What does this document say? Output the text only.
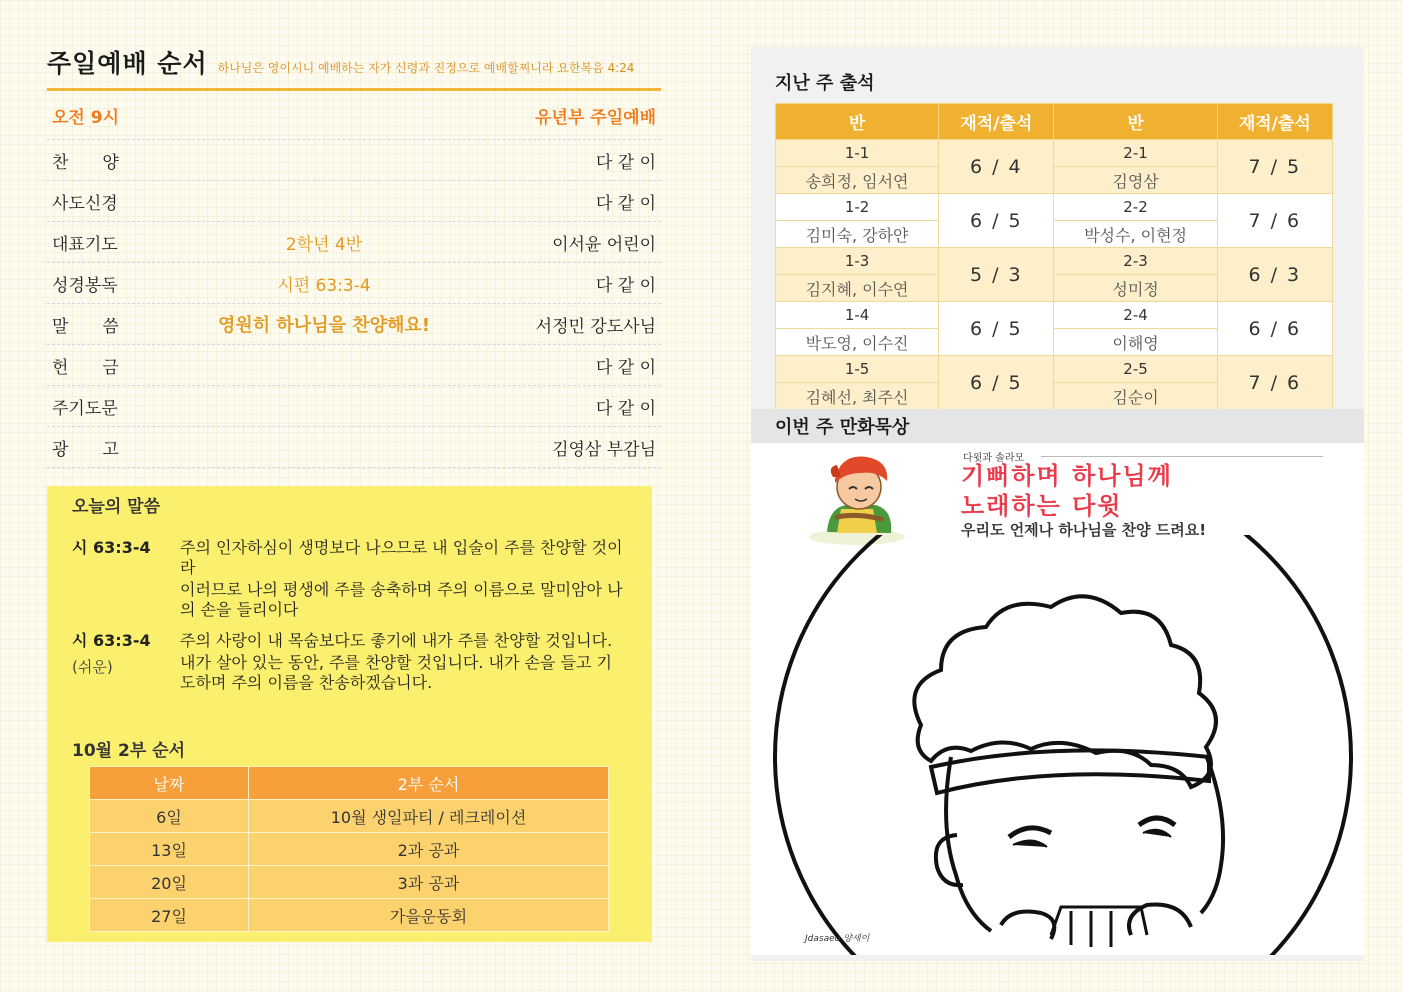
주일예배 순서 하나님은 영이시니 예배하는 자가 신령과 진정으로 예배할찌니라 요한복음 4:24
오전 9시	유년부 주일예배
찬　　양	다 같 이
사도신경	다 같 이
대표기도	2학년 4반	이서윤 어린이
성경봉독	시편 63:3-4	다 같 이
말　　씀	영원히 하나님을 찬양해요!	서정민 강도사님
헌　　금	다 같 이
주기도문	다 같 이
광　　고	김영삼 부감님
오늘의 말씀
시 63:3-4	주의 인자하심이 생명보다 나으므로 내 입술이 주를 찬양할 것이라

이러므로 나의 평생에 주를 송축하며 주의 이름으로 말미암아 나의 손을 들리이다

시 63:3-4
(쉬운)

주의 사랑이 내 목숨보다도 좋기에 내가 주를 찬양할 것입니다.

내가 살아 있는 동안, 주를 찬양할 것입니다. 내가 손을 들고 기도하며 주의 이름을 찬송하겠습니다.

10월 2부 순서
날짜	2부 순서
6일	10월 생일파티 / 레크레이션
13일	2과 공과
20일	3과 공과
27일	가을운동회
지난 주 출석
반	재적/출석	반	재적/출석
1-1	6 / 4	2-1	7 / 5
송희정, 임서연		김영삼	
1-2	6 / 5	2-2	7 / 6
김미숙, 강하얀		박성수, 이현정	
1-3	5 / 3	2-3	6 / 3
김지혜, 이수연		성미정	
1-4	6 / 5	2-4	6 / 6
박도영, 이수진		이해영	
1-5	6 / 5	2-5	7 / 6
김혜선, 최주신		김순이	
이번 주 만화묵상
다윗과 솔라모
기뻐하며 하나님께
노래하는 다윗
우리도 언제나 하나님을 찬양 드려요!
Jdasaeu 양세이
